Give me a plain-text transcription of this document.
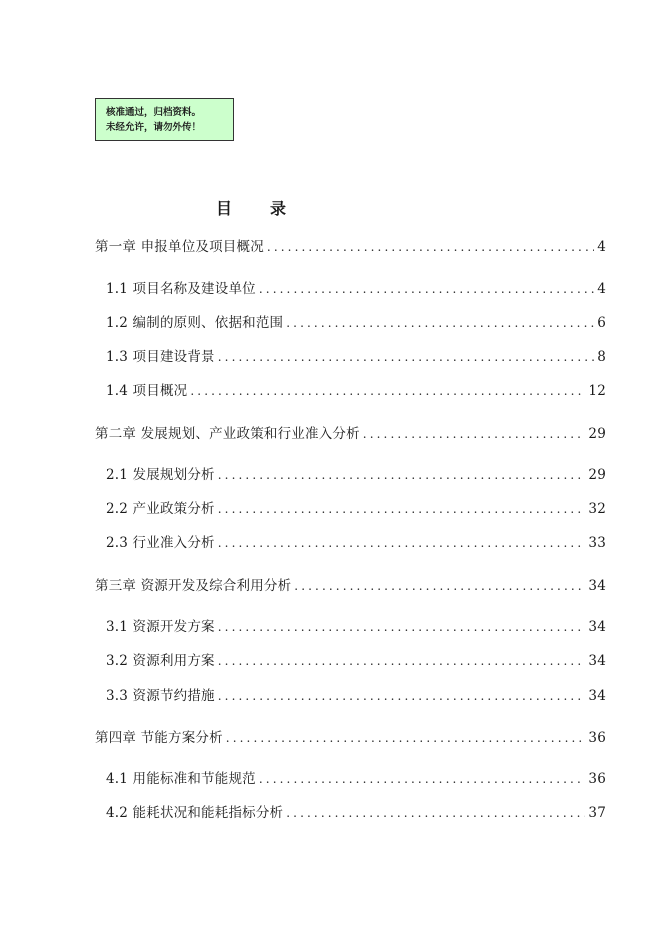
核准通过，归档资料。
未经允许，请勿外传！
目 录
第一章 申报单位及项目概况 .....	4
1.1 项目名称及建设单位 .....	4
1.2 编制的原则、依据和范围 .....	6
1.3 项目建设背景 .....	8
1.4 项目概况 .....	12
第二章 发展规划、产业政策和行业准入分析 .....	29
2.1 发展规划分析 .....	29
2.2 产业政策分析 .....	32
2.3 行业准入分析 .....	33
第三章 资源开发及综合利用分析 .....	34
3.1 资源开发方案 .....	34
3.2 资源利用方案 .....	34
3.3 资源节约措施 .....	34
第四章 节能方案分析 .....	36
4.1 用能标准和节能规范 .....	36
4.2 能耗状况和能耗指标分析 .....	37
